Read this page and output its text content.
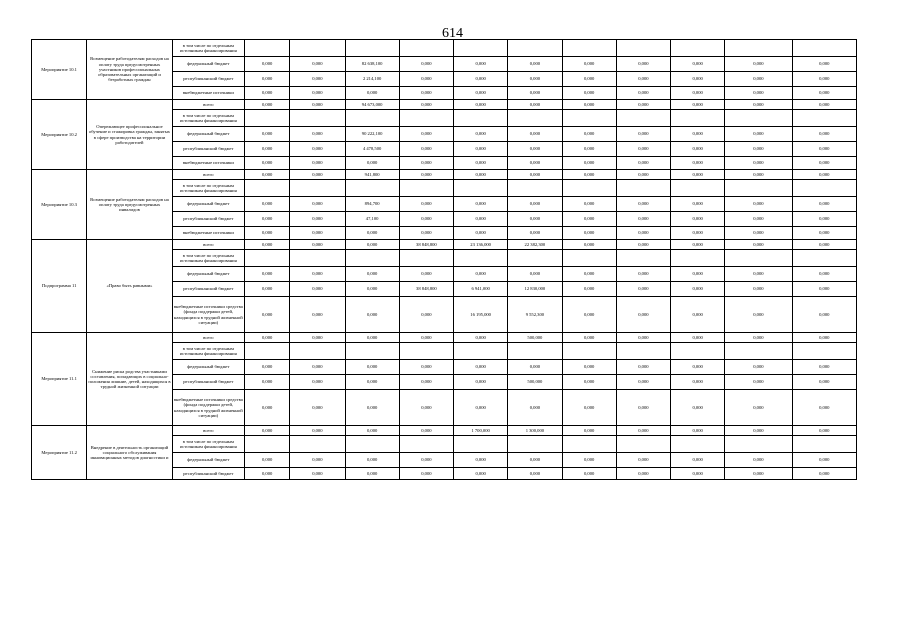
614
Мероприятие 10.1	Возмещение работодателям расходов на оплату труда предусмотренных участников профессиональных образовательных организаций и безработных граждан	в том числе по отдельным источникам финансирования											
		федеральный бюджет	0,000	0,000	82 638,100	0,000	0,000	0,000	0,000	0,000	0,000	0,000	0,000
		республиканский бюджет	0,000	0,000	2 214,100	0,000	0,000	0,000	0,000	0,000	0,000	0,000	0,000
		внебюджетные источники	0,000	0,000	0,000	0,000	0,000	0,000	0,000	0,000	0,000	0,000	0,000
Мероприятие 10.2	Опережающее профессиональное обучение и стажировка граждан, занятых в сфере производства на территории работодателей	всего	0,000	0,000	94 673,000	0,000	0,000	0,000	0,000	0,000	0,000	0,000	0,000
		в том числе по отдельным источникам финансирования											
		федеральный бюджет	0,000	0,000	90 222,100	0,000	0,000	0,000	0,000	0,000	0,000	0,000	0,000
		республиканский бюджет	0,000	0,000	4 478,500	0,000	0,000	0,000	0,000	0,000	0,000	0,000	0,000
		внебюджетные источники	0,000	0,000	0,000	0,000	0,000	0,000	0,000	0,000	0,000	0,000	0,000
Мероприятие 10.3	Возмещение работодателям расходов на оплату труда предусмотренных инвалидов	всего	0,000	0,000	941,800	0,000	0,000	0,000	0,000	0,000	0,000	0,000	0,000
		в том числе по отдельным источникам финансирования											
		федеральный бюджет	0,000	0,000	894,700	0,000	0,000	0,000	0,000	0,000	0,000	0,000	0,000
		республиканский бюджет	0,000	0,000	47,100	0,000	0,000	0,000	0,000	0,000	0,000	0,000	0,000
		внебюджетные источники	0,000	0,000	0,000	0,000	0,000	0,000	0,000	0,000	0,000	0,000	0,000
Подпрограмма 11	«Право быть равными»	всего	0,000	0,000	0,000	38 848,800	23 136,000	22 382,300	0,000	0,000	0,000	0,000	0,000
		в том числе по отдельным источникам финансирования											
		федеральный бюджет	0,000	0,000	0,000	0,000	0,000	0,000	0,000	0,000	0,000	0,000	0,000
		республиканский бюджет	0,000	0,000	0,000	38 848,800	6 941,000	12 830,000	0,000	0,000	0,000	0,000	0,000
		внебюджетные источники средства (фонда поддержки детей, находящихся в трудной жизненной ситуации)	0,000	0,000	0,000	0,000	16 195,000	9 552,300	0,000	0,000	0,000	0,000	0,000
Мероприятие 11.1	Снижение риска родства участниками составления, попадающих в социально-положения лишние, детей, находящихся в трудной жизненной ситуации	всего	0,000	0,000	0,000	0,000	0,000	500,000	0,000	0,000	0,000	0,000	0,000
		в том числе по отдельным источникам финансирования											
		федеральный бюджет	0,000	0,000	0,000	0,000	0,000	0,000	0,000	0,000	0,000	0,000	0,000
		республиканский бюджет	0,000	0,000	0,000	0,000	0,000	500,000	0,000	0,000	0,000	0,000	0,000
		внебюджетные источники средства (фонда поддержки детей, находящихся в трудной жизненной ситуации)	0,000	0,000	0,000	0,000	0,000	0,000	0,000	0,000	0,000	0,000	0,000
Мероприятие 11.2	Внедрение в деятельность организаций социального обслуживания инновационных методов диагностики и	всего	0,000	0,000	0,000	0,000	1 700,000	1 300,000	0,000	0,000	0,000	0,000	0,000
		в том числе по отдельным источникам финансирования											
		федеральный бюджет	0,000	0,000	0,000	0,000	0,000	0,000	0,000	0,000	0,000	0,000	0,000
		республиканский бюджет	0,000	0,000	0,000	0,000	0,000	0,000	0,000	0,000	0,000	0,000	0,000
